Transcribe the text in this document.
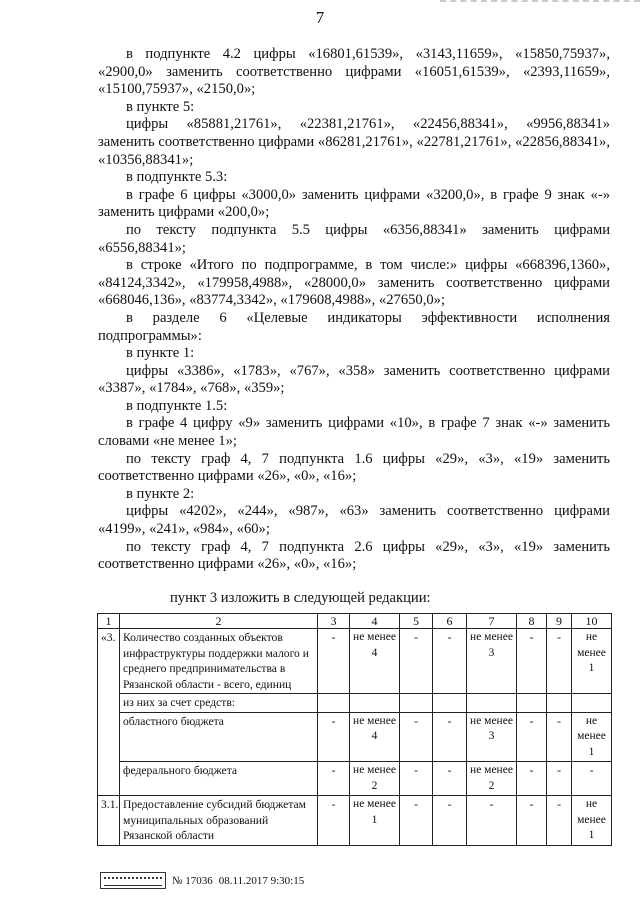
7

в подпункте 4.2 цифры «16801,61539», «3143,11659», «15850,75937», «2900,0» заменить соответственно цифрами «16051,61539», «2393,11659», «15100,75937», «2150,0»;

в пункте 5:

цифры «85881,21761», «22381,21761», «22456,88341», «9956,88341» заменить соответственно цифрами «86281,21761», «22781,21761», «22856,88341», «10356,88341»;

в подпункте 5.3:

в графе 6 цифры «3000,0» заменить цифрами «3200,0», в графе 9 знак «-» заменить цифрами «200,0»;

по тексту подпункта 5.5 цифры «6356,88341» заменить цифрами «6556,88341»;

в строке «Итого по подпрограмме, в том числе:» цифры «668396,1360», «84124,3342», «179958,4988», «28000,0» заменить соответственно цифрами «668046,136», «83774,3342», «179608,4988», «27650,0»;

в разделе 6 «Целевые индикаторы эффективности исполнения подпрограммы»:

в пункте 1:

цифры «3386», «1783», «767», «358» заменить соответственно цифрами «3387», «1784», «768», «359»;

в подпункте 1.5:

в графе 4 цифру «9» заменить цифрами «10», в графе 7 знак «-» заменить словами «не менее 1»;

по тексту граф 4, 7 подпункта 1.6 цифры «29», «3», «19» заменить соответственно цифрами «26», «0», «16»;

в пункте 2:

цифры «4202», «244», «987», «63» заменить соответственно цифрами «4199», «241», «984», «60»;

по тексту граф 4, 7 подпункта 2.6 цифры «29», «3», «19» заменить соответственно цифрами «26», «0», «16»;

пункт 3 изложить в следующей редакции:
1	2	3	4	5	6	7	8	9	10
«3.	Количество созданных объектов инфраструктуры поддержки малого и среднего предпринимательства в Рязанской области - всего, единиц	-	не менее 4	-	-	не менее 3	-	-	не менее 1
	из них за счет средств:								
	областного бюджета	-	не менее 4	-	-	не менее 3	-	-	не менее 1
	федерального бюджета	-	не менее 2	-	-	не менее 2	-	-	-
3.1.	Предоставление субсидий бюджетам муниципальных образований Рязанской области	-	не менее 1	-	-	-	-	-	не менее 1
№ 17036 08.11.2017 9:30:15
